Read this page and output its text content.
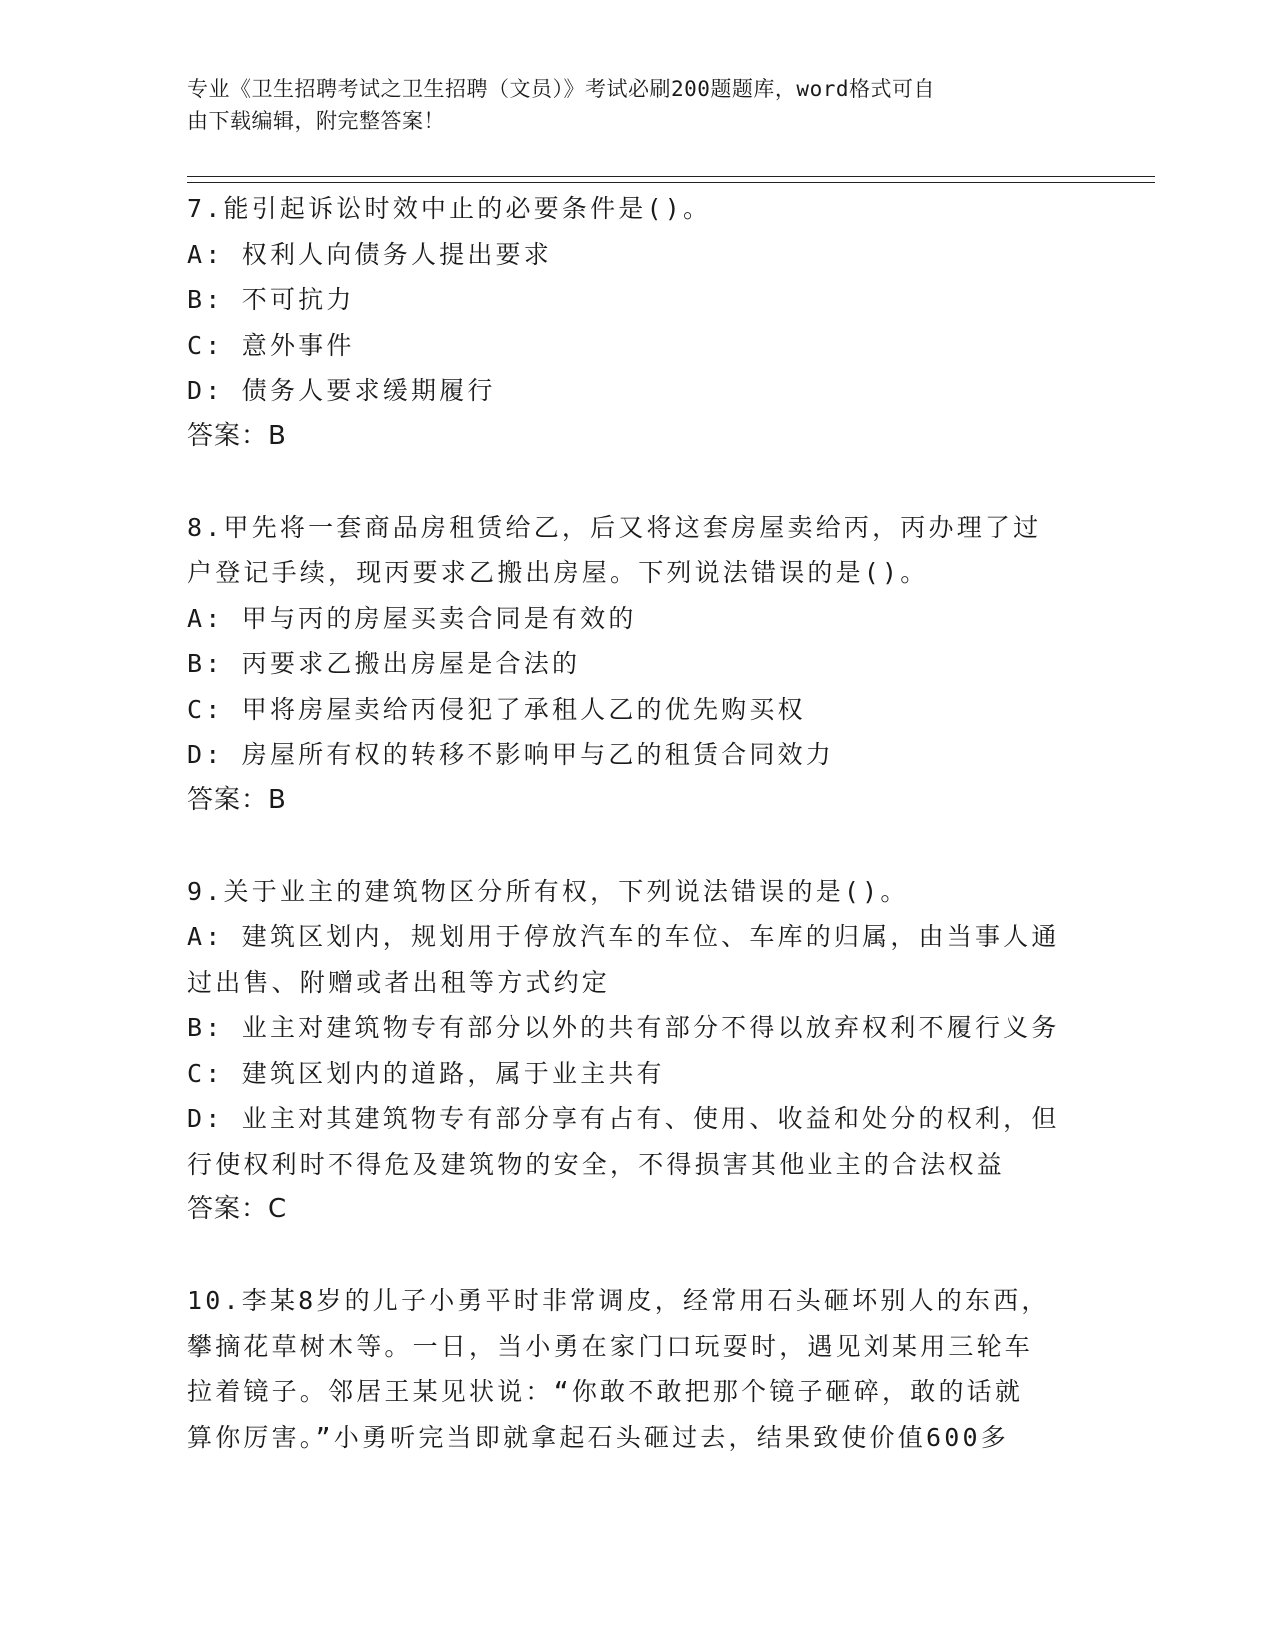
专业《卫生招聘考试之卫生招聘（文员）》考试必刷200题题库，word格式可自
由下载编辑，附完整答案！
7.能引起诉讼时效中止的必要条件是()。
A: 权利人向债务人提出要求
B: 不可抗力
C: 意外事件
D: 债务人要求缓期履行
答案：B
8.甲先将一套商品房租赁给乙，后又将这套房屋卖给丙，丙办理了过
户登记手续，现丙要求乙搬出房屋。下列说法错误的是()。
A: 甲与丙的房屋买卖合同是有效的
B: 丙要求乙搬出房屋是合法的
C: 甲将房屋卖给丙侵犯了承租人乙的优先购买权
D: 房屋所有权的转移不影响甲与乙的租赁合同效力
答案：B
9.关于业主的建筑物区分所有权，下列说法错误的是()。
A: 建筑区划内，规划用于停放汽车的车位、车库的归属，由当事人通
过出售、附赠或者出租等方式约定
B: 业主对建筑物专有部分以外的共有部分不得以放弃权利不履行义务
C: 建筑区划内的道路，属于业主共有
D: 业主对其建筑物专有部分享有占有、使用、收益和处分的权利，但
行使权利时不得危及建筑物的安全，不得损害其他业主的合法权益
答案：C
10.李某8岁的儿子小勇平时非常调皮，经常用石头砸坏别人的东西，
攀摘花草树木等。一日，当小勇在家门口玩耍时，遇见刘某用三轮车
拉着镜子。邻居王某见状说：“你敢不敢把那个镜子砸碎，敢的话就
算你厉害。”小勇听完当即就拿起石头砸过去，结果致使价值600多
